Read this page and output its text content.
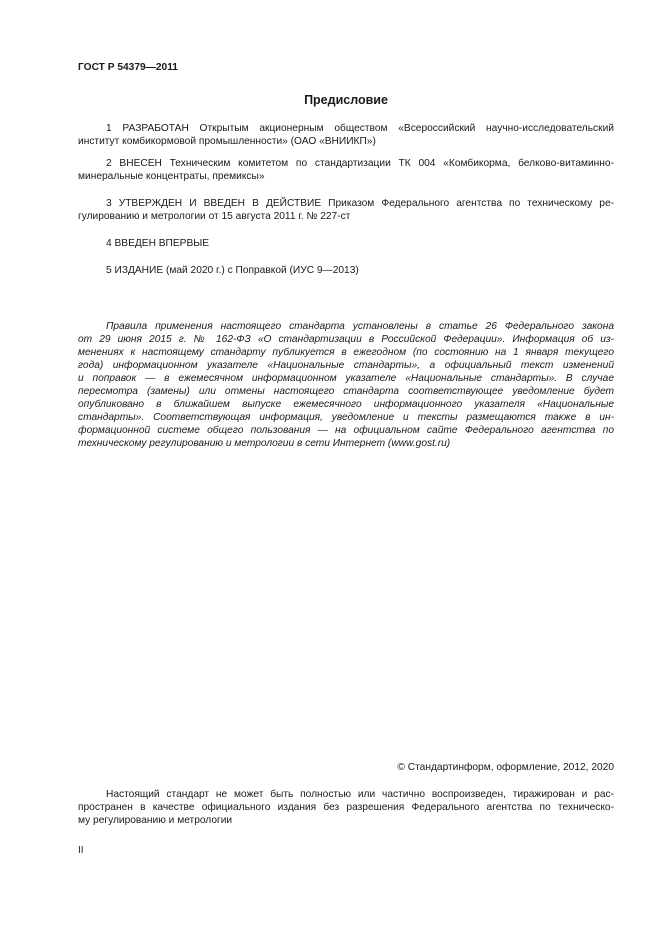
ГОСТ Р 54379—2011
Предисловие
1 РАЗРАБОТАН Открытым акционерным обществом «Всероссийский научно-исследовательский
институт комбикормовой промышленности» (ОАО «ВНИИКП»)
2 ВНЕСЕН Техническим комитетом по стандартизации ТК 004 «Комбикорма, белково-витаминно-
минеральные концентраты, премиксы»
3 УТВЕРЖДЕН И ВВЕДЕН В ДЕЙСТВИЕ Приказом Федерального агентства по техническому ре-
гулированию и метрологии от 15 августа 2011 г. № 227-ст
4 ВВЕДЕН ВПЕРВЫЕ
5 ИЗДАНИЕ (май 2020 г.) с Поправкой (ИУС 9—2013)
Правила применения настоящего стандарта установлены в статье 26 Федерального закона
от 29 июня 2015 г. № 162-ФЗ «О стандартизации в Российской Федерации». Информация об из-
менениях к настоящему стандарту публикуется в ежегодном (по состоянию на 1 января текущего
года) информационном указателе «Национальные стандарты», а официальный текст изменений
и поправок — в ежемесячном информационном указателе «Национальные стандарты». В случае
пересмотра (замены) или отмены настоящего стандарта соответствующее уведомление будет
опубликовано в ближайшем выпуске ежемесячного информационного указателя «Национальные
стандарты». Соответствующая информация, уведомление и тексты размещаются также в ин-
формационной системе общего пользования — на официальном сайте Федерального агентства по
техническому регулированию и метрологии в сети Интернет (www.gost.ru)
© Стандартинформ, оформление, 2012, 2020
Настоящий стандарт не может быть полностью или частично воспроизведен, тиражирован и рас-
пространен в качестве официального издания без разрешения Федерального агентства по техническо-
му регулированию и метрологии
II
